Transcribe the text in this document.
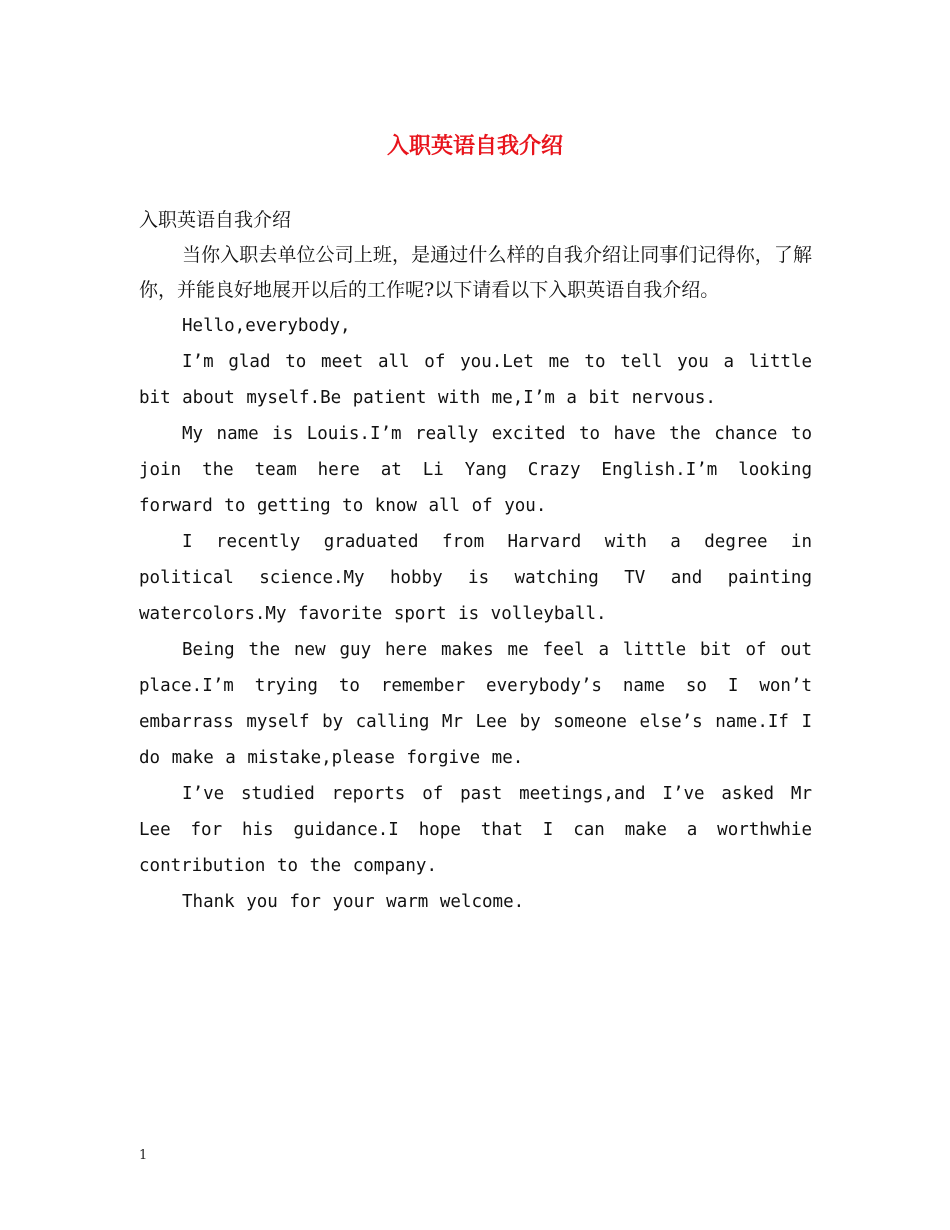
入职英语自我介绍

入职英语自我介绍

当你入职去单位公司上班，是通过什么样的自我介绍让同事们记得你，了解你，并能良好地展开以后的工作呢?以下请看以下入职英语自我介绍。

Hello,everybody,

I’m glad to meet all of you.Let me to tell you a little bit about myself.Be patient with me,I’m a bit nervous.

My name is Louis.I’m really excited to have the chance to join the team here at Li Yang Crazy English.I’m looking forward to getting to know all of you.

I recently graduated from Harvard with a degree in political science.My hobby is watching TV and painting watercolors.My favorite sport is volleyball.

Being the new guy here makes me feel a little bit of out place.I’m trying to remember everybody’s name so I won’t embarrass myself by calling Mr Lee by someone else’s name.If I do make a mistake,please forgive me.

I’ve studied reports of past meetings,and I’ve asked Mr Lee for his guidance.I hope that I can make a worthwhie contribution to the company.

Thank you for your warm welcome.

1
